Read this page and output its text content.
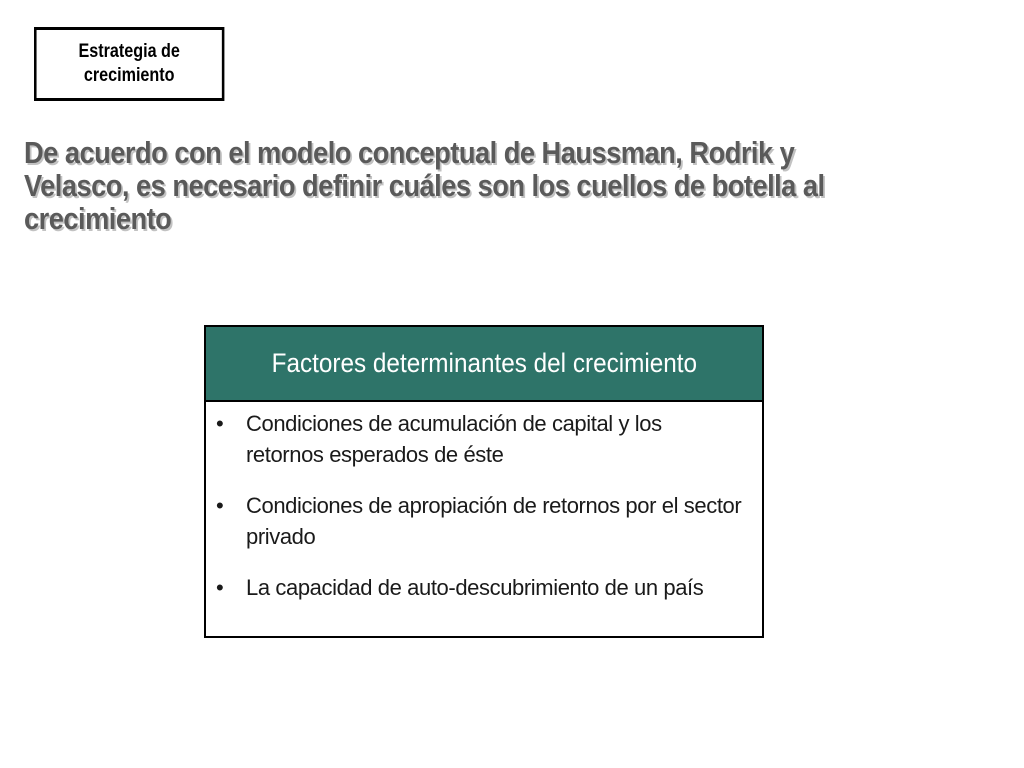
Estrategia de crecimiento
De acuerdo con el modelo conceptual de Haussman, Rodrik y Velasco, es necesario definir cuáles son los cuellos de botella al crecimiento
Factores determinantes del crecimiento
• Condiciones de acumulación de capital y los retornos esperados de éste
• Condiciones de apropiación de retornos por el sector privado
• La capacidad de auto-descubrimiento de un país
